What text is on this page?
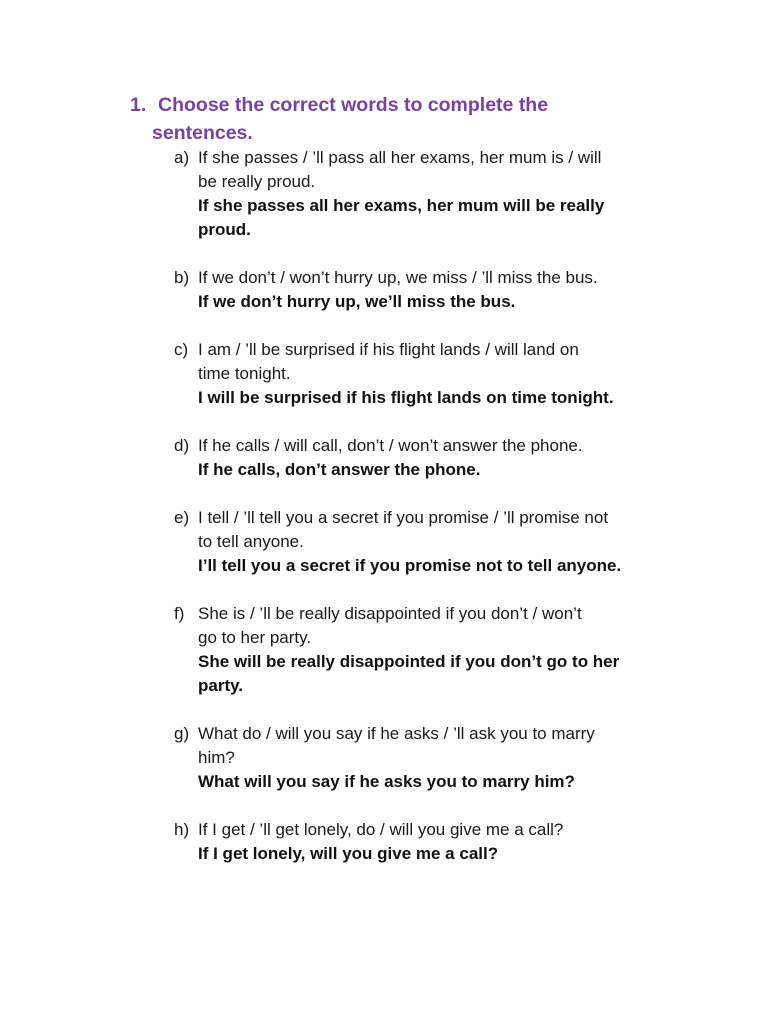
1. Choose the correct words to complete the
sentences.
a) If she passes / ’ll pass all her exams, her mum is / will
be really proud.
If she passes all her exams, her mum will be really
proud.
b) If we don’t / won’t hurry up, we miss / ’ll miss the bus.
If we don’t hurry up, we’ll miss the bus.
c) I am / ’ll be surprised if his flight lands / will land on
time tonight.
I will be surprised if his flight lands on time tonight.
d) If he calls / will call, don’t / won’t answer the phone.
If he calls, don’t answer the phone.
e) I tell / ’ll tell you a secret if you promise / ’ll promise not
to tell anyone.
I’ll tell you a secret if you promise not to tell anyone.
f) She is / ’ll be really disappointed if you don’t / won’t
go to her party.
She will be really disappointed if you don’t go to her
party.
g) What do / will you say if he asks / ’ll ask you to marry
him?
What will you say if he asks you to marry him?
h) If I get / ’ll get lonely, do / will you give me a call?
If I get lonely, will you give me a call?
